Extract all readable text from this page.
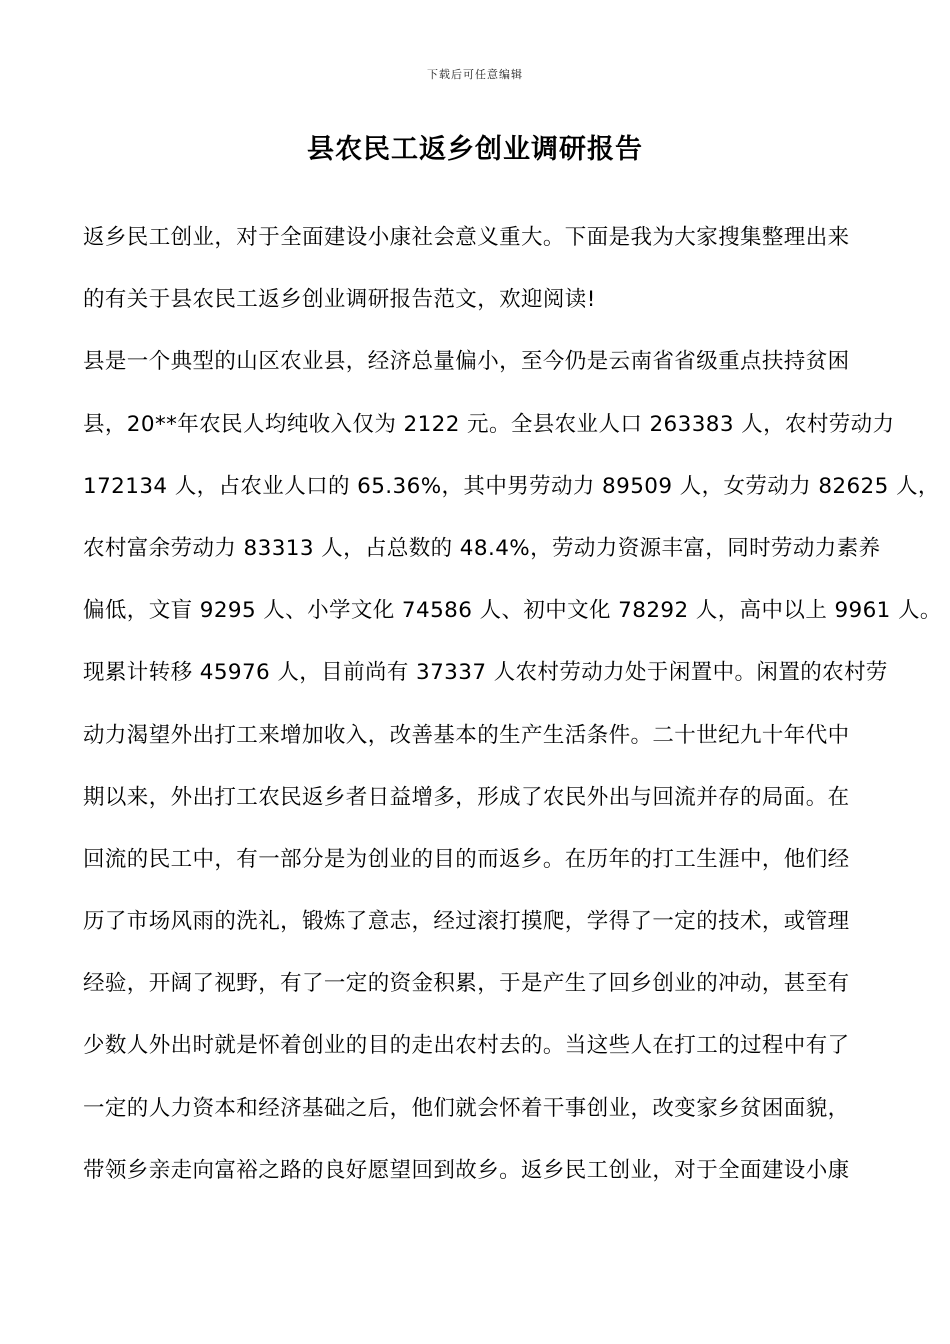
下载后可任意编辑
县农民工返乡创业调研报告
返乡民工创业，对于全面建设小康社会意义重大。下面是我为大家搜集整理出来
的有关于县农民工返乡创业调研报告范文，欢迎阅读!
县是一个典型的山区农业县，经济总量偏小，至今仍是云南省省级重点扶持贫困
县，20**年农民人均纯收入仅为 2122 元。全县农业人口 263383 人，农村劳动力
172134 人，占农业人口的 65.36%，其中男劳动力 89509 人，女劳动力 82625 人，
农村富余劳动力 83313 人，占总数的 48.4%，劳动力资源丰富，同时劳动力素养
偏低，文盲 9295 人、小学文化 74586 人、初中文化 78292 人，高中以上 9961 人。
现累计转移 45976 人，目前尚有 37337 人农村劳动力处于闲置中。闲置的农村劳
动力渴望外出打工来增加收入，改善基本的生产生活条件。二十世纪九十年代中
期以来，外出打工农民返乡者日益增多，形成了农民外出与回流并存的局面。在
回流的民工中，有一部分是为创业的目的而返乡。在历年的打工生涯中，他们经
历了市场风雨的洗礼，锻炼了意志，经过滚打摸爬，学得了一定的技术，或管理
经验，开阔了视野，有了一定的资金积累，于是产生了回乡创业的冲动，甚至有
少数人外出时就是怀着创业的目的走出农村去的。当这些人在打工的过程中有了
一定的人力资本和经济基础之后，他们就会怀着干事创业，改变家乡贫困面貌，
带领乡亲走向富裕之路的良好愿望回到故乡。返乡民工创业，对于全面建设小康
